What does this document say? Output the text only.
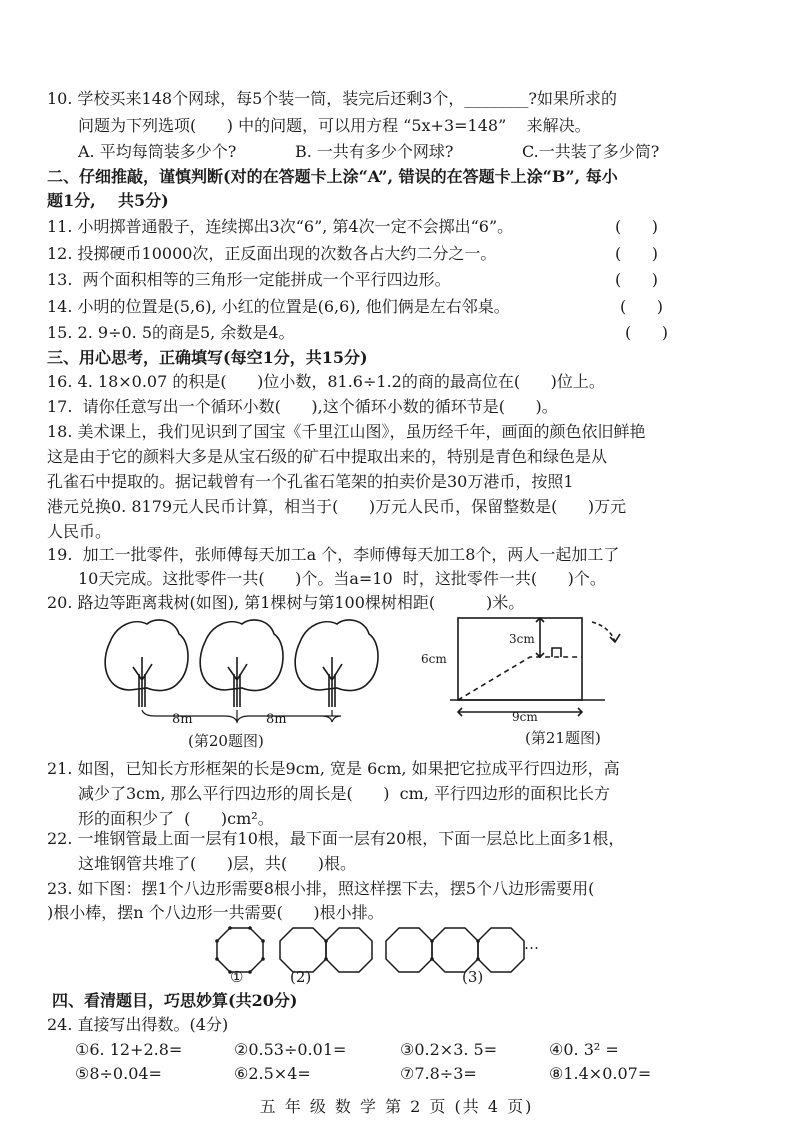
10. 学校买来148个网球，每5个装一筒，装完后还剩3个，________?如果所求的
问题为下列选项(      ) 中的问题，可以用方程 “5x+3=148”    来解决。
A. 平均每筒装多少个?	B. 一共有多少个网球?	C.一共装了多少筒?
二、仔细推敲，谨慎判断(对的在答题卡上涂“A”, 错误的在答题卡上涂“B”, 每小
题1分,    共5分)
11. 小明掷普通骰子，连续掷出3次“6”, 第4次一定不会掷出“6”。	(      )
12. 投掷硬币10000次，正反面出现的次数各占大约二分之一。	(      )
13.  两个面积相等的三角形一定能拼成一个平行四边形。	(      )
14. 小明的位置是(5,6), 小红的位置是(6,6), 他们俩是左右邻桌。	(      )
15. 2. 9÷0. 5的商是5, 余数是4。	(      )
三、用心思考，正确填写(每空1分，共15分)
16. 4. 18×0.07 的积是(      )位小数，81.6÷1.2的商的最高位在(      )位上。
17.  请你任意写出一个循环小数(      ),这个循环小数的循环节是(      )。
18. 美术课上，我们见识到了国宝《千里江山图》，虽历经千年，画面的颜色依旧鲜艳
这是由于它的颜料大多是从宝石级的矿石中提取出来的，特别是青色和绿色是从
孔雀石中提取的。据记载曾有一个孔雀石笔架的拍卖价是30万港币，按照1
港元兑换0. 8179元人民币计算，相当于(      )万元人民币，保留整数是(      )万元
人民币。
19.  加工一批零件，张师傅每天加工a 个，李师傅每天加工8个，两人一起加工了
10天完成。这批零件一共(      )个。当a=10  时，这批零件一共(      )个。
20. 路边等距离栽树(如图), 第1棵树与第100棵树相距(          )米。
8m	8m
(第20题图)
6cm
3cm
9cm
(第21题图)
21. 如图，已知长方形框架的长是9cm, 宽是 6cm, 如果把它拉成平行四边形，高
减少了3cm, 那么平行四边形的周长是(      )  cm, 平行四边形的面积比长方
形的面积少了  (      )cm²。
22. 一堆钢管最上面一层有10根，最下面一层有20根，下面一层总比上面多1根，
这堆钢管共堆了(      )层，共(      )根。
23. 如下图：摆1个八边形需要8根小排，照这样摆下去，摆5个八边形需要用(
)根小棒，摆n 个八边形一共需要(      )根小排。
…
①	(2)	(3)
四、看清题目，巧思妙算(共20分)
24. 直接写出得数。(4分)
①6. 12+2.8=	②0.53÷0.01=	③0.2×3. 5=	④0. 3² =
⑤8÷0.04=	⑥2.5×4=	⑦7.8÷3=	⑧1.4×0.07=
五 年 级 数 学 第 2 页 (共 4 页)
